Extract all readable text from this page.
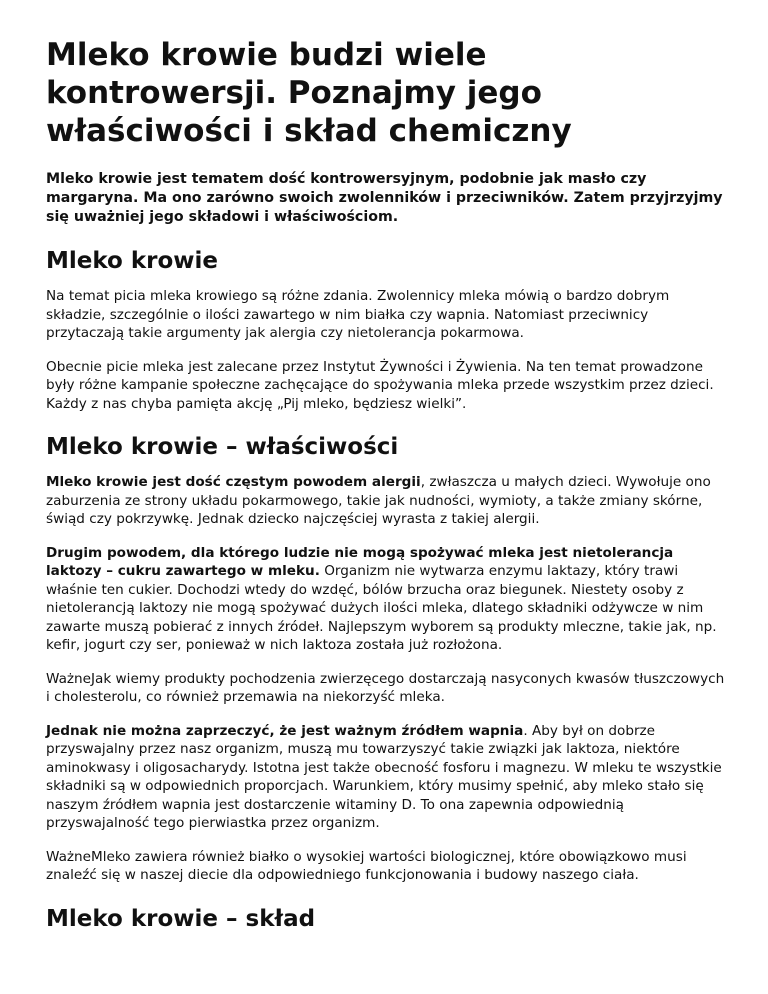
Mleko krowie budzi wiele kontrowersji. Poznajmy jego właściwości i skład chemiczny
Mleko krowie jest tematem dość kontrowersyjnym, podobnie jak masło czy margaryna. Ma ono zarówno swoich zwolenników i przeciwników. Zatem przyjrzyjmy się uważniej jego składowi i właściwościom.
Mleko krowie

Na temat picia mleka krowiego są różne zdania. Zwolennicy mleka mówią o bardzo dobrym składzie, szczególnie o ilości zawartego w nim białka czy wapnia. Natomiast przeciwnicy przytaczają takie argumenty jak alergia czy nietolerancja pokarmowa.

Obecnie picie mleka jest zalecane przez Instytut Żywności i Żywienia. Na ten temat prowadzone były różne kampanie społeczne zachęcające do spożywania mleka przede wszystkim przez dzieci. Każdy z nas chyba pamięta akcję „Pij mleko, będziesz wielki”.

Mleko krowie – właściwości

Mleko krowie jest dość częstym powodem alergii, zwłaszcza u małych dzieci. Wywołuje ono zaburzenia ze strony układu pokarmowego, takie jak nudności, wymioty, a także zmiany skórne, świąd czy pokrzywkę. Jednak dziecko najczęściej wyrasta z takiej alergii.

Drugim powodem, dla którego ludzie nie mogą spożywać mleka jest nietolerancja laktozy – cukru zawartego w mleku. Organizm nie wytwarza enzymu laktazy, który trawi właśnie ten cukier. Dochodzi wtedy do wzdęć, bólów brzucha oraz biegunek. Niestety osoby z nietolerancją laktozy nie mogą spożywać dużych ilości mleka, dlatego składniki odżywcze w nim zawarte muszą pobierać z innych źródeł. Najlepszym wyborem są produkty mleczne, takie jak, np. kefir, jogurt czy ser, ponieważ w nich laktoza została już rozłożona.

WażneJak wiemy produkty pochodzenia zwierzęcego dostarczają nasyconych kwasów tłuszczowych i cholesterolu, co również przemawia na niekorzyść mleka.

Jednak nie można zaprzeczyć, że jest ważnym źródłem wapnia. Aby był on dobrze przyswajalny przez nasz organizm, muszą mu towarzyszyć takie związki jak laktoza, niektóre aminokwasy i oligosacharydy. Istotna jest także obecność fosforu i magnezu. W mleku te wszystkie składniki są w odpowiednich proporcjach. Warunkiem, który musimy spełnić, aby mleko stało się naszym źródłem wapnia jest dostarczenie witaminy D. To ona zapewnia odpowiednią przyswajalność tego pierwiastka przez organizm.

WażneMleko zawiera również białko o wysokiej wartości biologicznej, które obowiązkowo musi znaleźć się w naszej diecie dla odpowiedniego funkcjonowania i budowy naszego ciała.

Mleko krowie – skład
